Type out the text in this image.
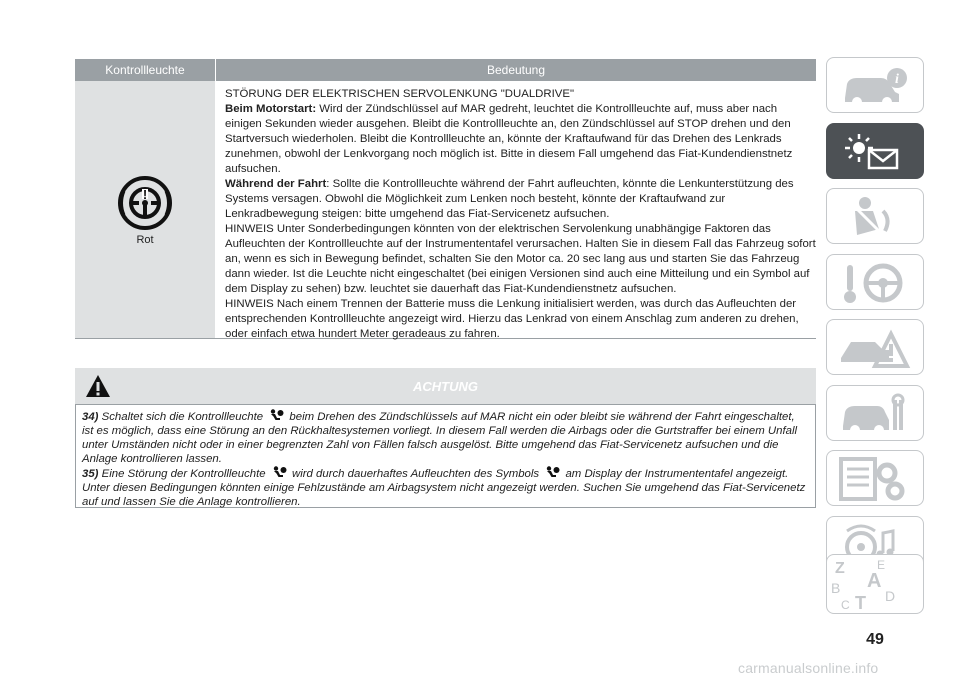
Kontrollleuchte	Bedeutung
!
Rot

STÖRUNG DER ELEKTRISCHEN SERVOLENKUNG "DUALDRIVE"

Beim Motorstart: Wird der Zündschlüssel auf MAR gedreht, leuchtet die Kontrollleuchte auf, muss aber nach einigen Sekunden wieder ausgehen. Bleibt die Kontrollleuchte an, den Zündschlüssel auf STOP drehen und den Startversuch wiederholen. Bleibt die Kontrollleuchte an, könnte der Kraftaufwand für das Drehen des Lenkrads zunehmen, obwohl der Lenkvorgang noch möglich ist. Bitte in diesem Fall umgehend das Fiat-Kundendienstnetz aufsuchen.

Während der Fahrt: Sollte die Kontrollleuchte während der Fahrt aufleuchten, könnte die Lenkunterstützung des Systems versagen. Obwohl die Möglichkeit zum Lenken noch besteht, könnte der Kraftaufwand zur Lenkradbewegung steigen: bitte umgehend das Fiat-Servicenetz aufsuchen.

HINWEIS Unter Sonderbedingungen könnten von der elektrischen Servolenkung unabhängige Faktoren das Aufleuchten der Kontrollleuchte auf der Instrumententafel verursachen. Halten Sie in diesem Fall das Fahrzeug sofort an, wenn es sich in Bewegung befindet, schalten Sie den Motor ca. 20 sec lang aus und starten Sie das Fahrzeug dann wieder. Ist die Leuchte nicht eingeschaltet (bei einigen Versionen sind auch eine Mitteilung und ein Symbol auf dem Display zu sehen) bzw. leuchtet sie dauerhaft das Fiat-Kundendienstnetz aufsuchen.

HINWEIS Nach einem Trennen der Batterie muss die Lenkung initialisiert werden, was durch das Aufleuchten der entsprechenden Kontrollleuchte angezeigt wird. Hierzu das Lenkrad von einem Anschlag zum anderen zu drehen, oder einfach etwa hundert Meter geradeaus zu fahren.

ACHTUNG

34) Schaltet sich die Kontrollleuchte  beim Drehen des Zündschlüssels auf MAR nicht ein oder bleibt sie während der Fahrt eingeschaltet, ist es möglich, dass eine Störung an den Rückhaltesystemen vorliegt. In diesem Fall werden die Airbags oder die Gurtstraffer bei einem Unfall unter Umständen nicht oder in einer begrenzten Zahl von Fällen falsch ausgelöst. Bitte umgehend das Fiat-Servicenetz aufsuchen und die Anlage kontrollieren lassen.

35) Eine Störung der Kontrollleuchte  wird durch dauerhaftes Aufleuchten des Symbols  am Display der Instrumententafel angezeigt. Unter diesen Bedingungen könnten einige Fehlzustände am Airbagsystem nicht angezeigt werden. Suchen Sie umgehend das Fiat-Servicenetz auf und lassen Sie die Anlage kontrollieren.

i
Z	E
A
B
C T D
49
carmanualsonline.info
